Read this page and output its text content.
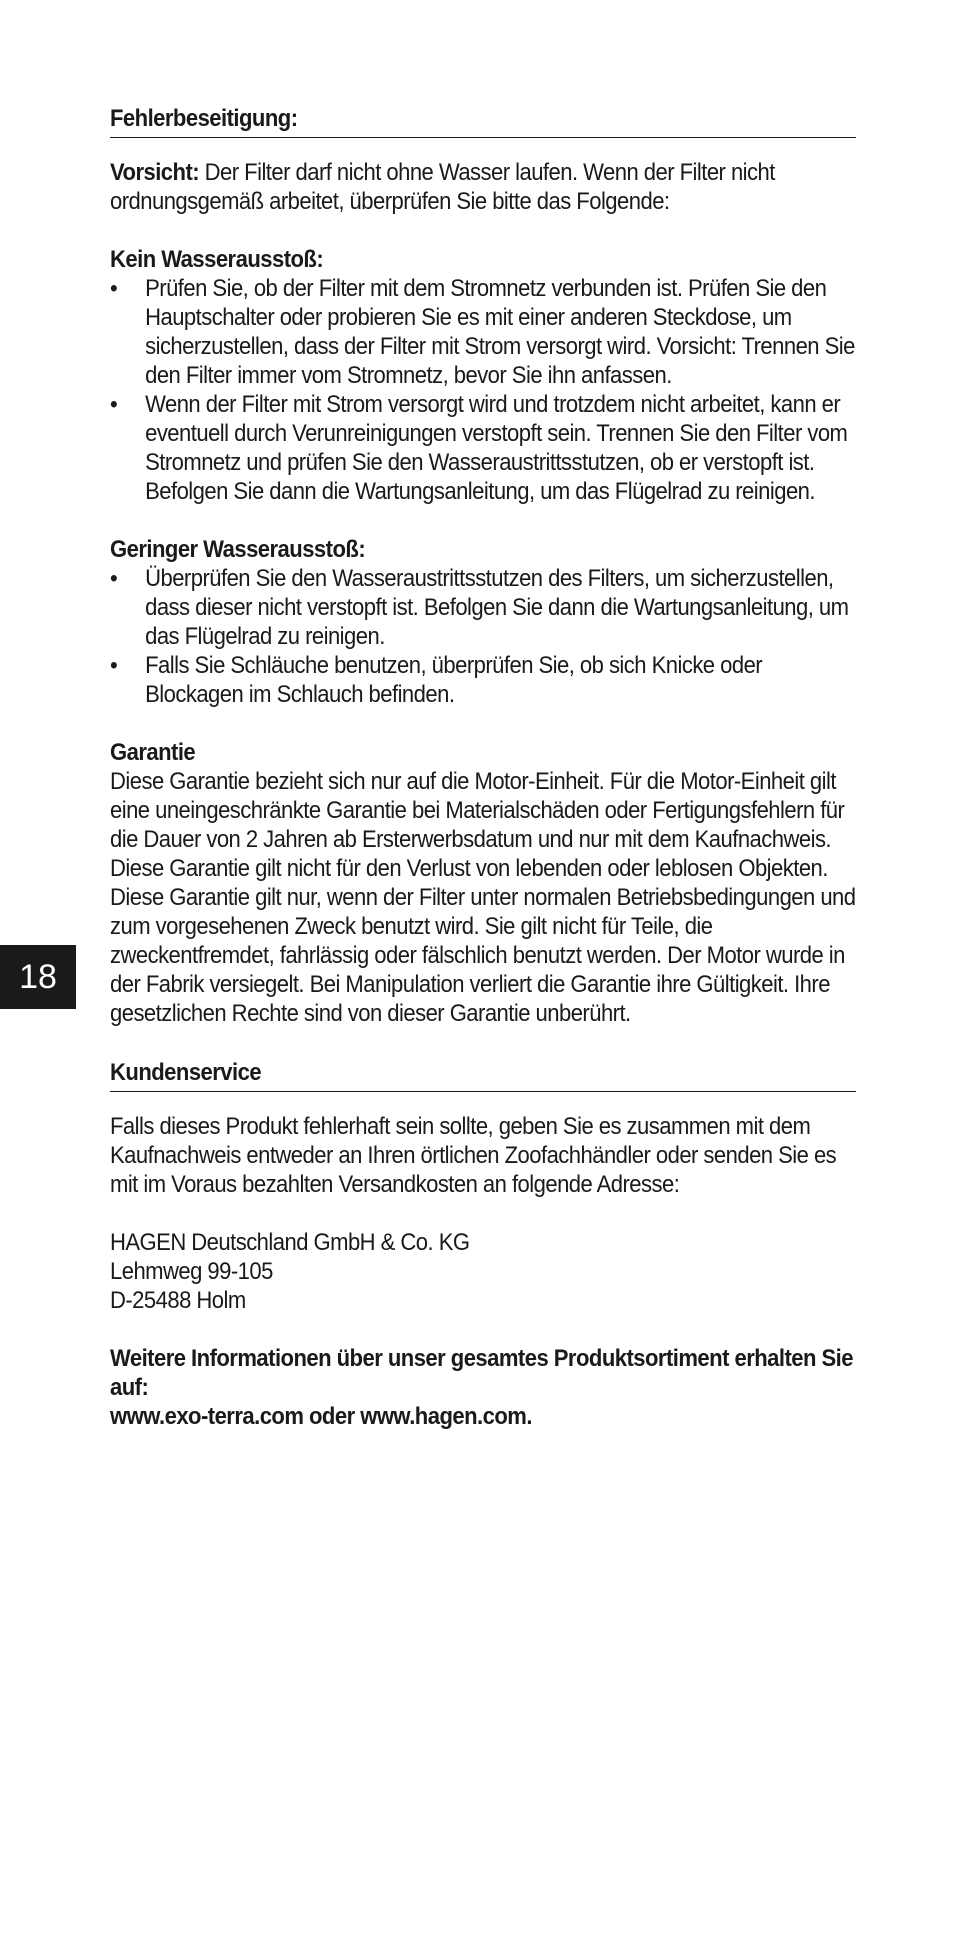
Fehlerbeseitigung:

Vorsicht: Der Filter darf nicht ohne Wasser laufen. Wenn der Filter nicht ordnungsgemäß arbeitet, überprüfen Sie bitte das Folgende:

Kein Wasserausstoß:

• Prüfen Sie, ob der Filter mit dem Stromnetz verbunden ist. Prüfen Sie den Hauptschalter oder probieren Sie es mit einer anderen Steckdose, um sicherzustellen, dass der Filter mit Strom versorgt wird. Vorsicht: Trennen Sie den Filter immer vom Stromnetz, bevor Sie ihn anfassen.
• Wenn der Filter mit Strom versorgt wird und trotzdem nicht arbeitet, kann er eventuell durch Verunreinigungen verstopft sein. Trennen Sie den Filter vom Stromnetz und prüfen Sie den Wasseraustrittsstutzen, ob er verstopft ist. Befolgen Sie dann die Wartungsanleitung, um das Flügelrad zu reinigen.

Geringer Wasserausstoß:

• Überprüfen Sie den Wasseraustrittsstutzen des Filters, um sicherzustellen, dass dieser nicht verstopft ist. Befolgen Sie dann die Wartungsanleitung, um das Flügelrad zu reinigen.
• Falls Sie Schläuche benutzen, überprüfen Sie, ob sich Knicke oder Blockagen im Schlauch befinden.

Garantie

Diese Garantie bezieht sich nur auf die Motor-Einheit. Für die Motor-Einheit gilt eine uneingeschränkte Garantie bei Materialschäden oder Fertigungsfehlern für die Dauer von 2 Jahren ab Ersterwerbsdatum und nur mit dem Kaufnachweis. Diese Garantie gilt nicht für den Verlust von lebenden oder leblosen Objekten. Diese Garantie gilt nur, wenn der Filter unter normalen Betriebsbedingungen und zum vorgesehenen Zweck benutzt wird. Sie gilt nicht für Teile, die zweckentfremdet, fahrlässig oder fälschlich benutzt werden. Der Motor wurde in der Fabrik versiegelt. Bei Manipulation verliert die Garantie ihre Gültigkeit. Ihre gesetzlichen Rechte sind von dieser Garantie unberührt.

Kundenservice

Falls dieses Produkt fehlerhaft sein sollte, geben Sie es zusammen mit dem Kaufnachweis entweder an Ihren örtlichen Zoofachhändler oder senden Sie es mit im Voraus bezahlten Versandkosten an folgende Adresse:

HAGEN Deutschland GmbH & Co. KG

Lehmweg 99-105

D-25488 Holm

Weitere Informationen über unser gesamtes Produktsortiment erhalten Sie auf:

www.exo-terra.com oder www.hagen.com.

18
